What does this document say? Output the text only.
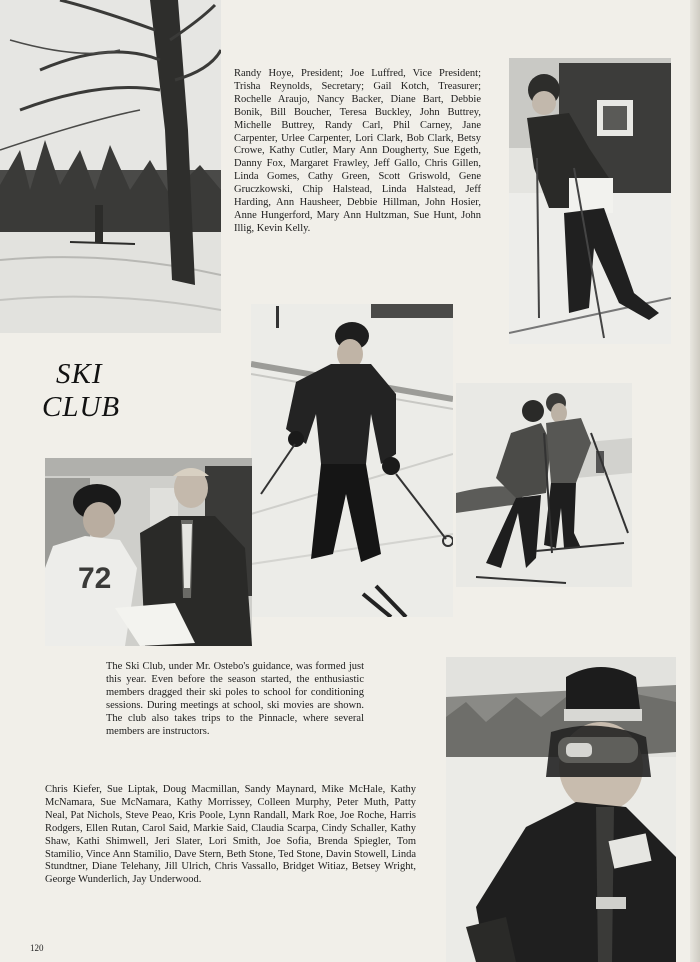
Randy Hoye, President; Joe Luffred, Vice President; Trisha Reynolds, Secretary; Gail Kotch, Treasurer; Rochelle Araujo, Nancy Backer, Diane Bart, Debbie Bonik, Bill Boucher, Teresa Buckley, John Buttrey, Michelle Buttrey, Randy Carl, Phil Carney, Jane Carpenter, Urlee Carpenter, Lori Clark, Bob Clark, Betsy Crowe, Kathy Cutler, Mary Ann Dougherty, Sue Egeth, Danny Fox, Margaret Frawley, Jeff Gallo, Chris Gillen, Linda Gomes, Cathy Green, Scott Griswold, Gene Gruczkowski, Chip Halstead, Linda Halstead, Jeff Harding, Ann Hausheer, Debbie Hillman, John Hosier, Anne Hungerford, Mary Ann Hultzman, Sue Hunt, John Illig, Kevin Kelly.
SKI
CLUB
72
The Ski Club, under Mr. Ostebo's guidance, was formed just this year. Even before the season started, the enthusiastic members dragged their ski poles to school for conditioning sessions. During meetings at school, ski movies are shown. The club also takes trips to the Pinnacle, where several members are instructors.
Chris Kiefer, Sue Liptak, Doug Macmillan, Sandy Maynard, Mike McHale, Kathy McNamara, Sue McNamara, Kathy Morrissey, Colleen Murphy, Peter Muth, Patty Neal, Pat Nichols, Steve Peao, Kris Poole, Lynn Randall, Mark Roe, Joe Roche, Harris Rodgers, Ellen Rutan, Carol Said, Markie Said, Claudia Scarpa, Cindy Schaller, Kathy Shaw, Kathi Shimwell, Jeri Slater, Lori Smith, Joe Sofia, Brenda Spiegler, Tom Stamilio, Vince Ann Stamilio, Dave Stern, Beth Stone, Ted Stone, Davin Stowell, Linda Stundtner, Diane Telehany, Jill Ulrich, Chris Vassallo, Bridget Witiaz, Betsey Wright, George Wunderlich, Jay Underwood.
120
